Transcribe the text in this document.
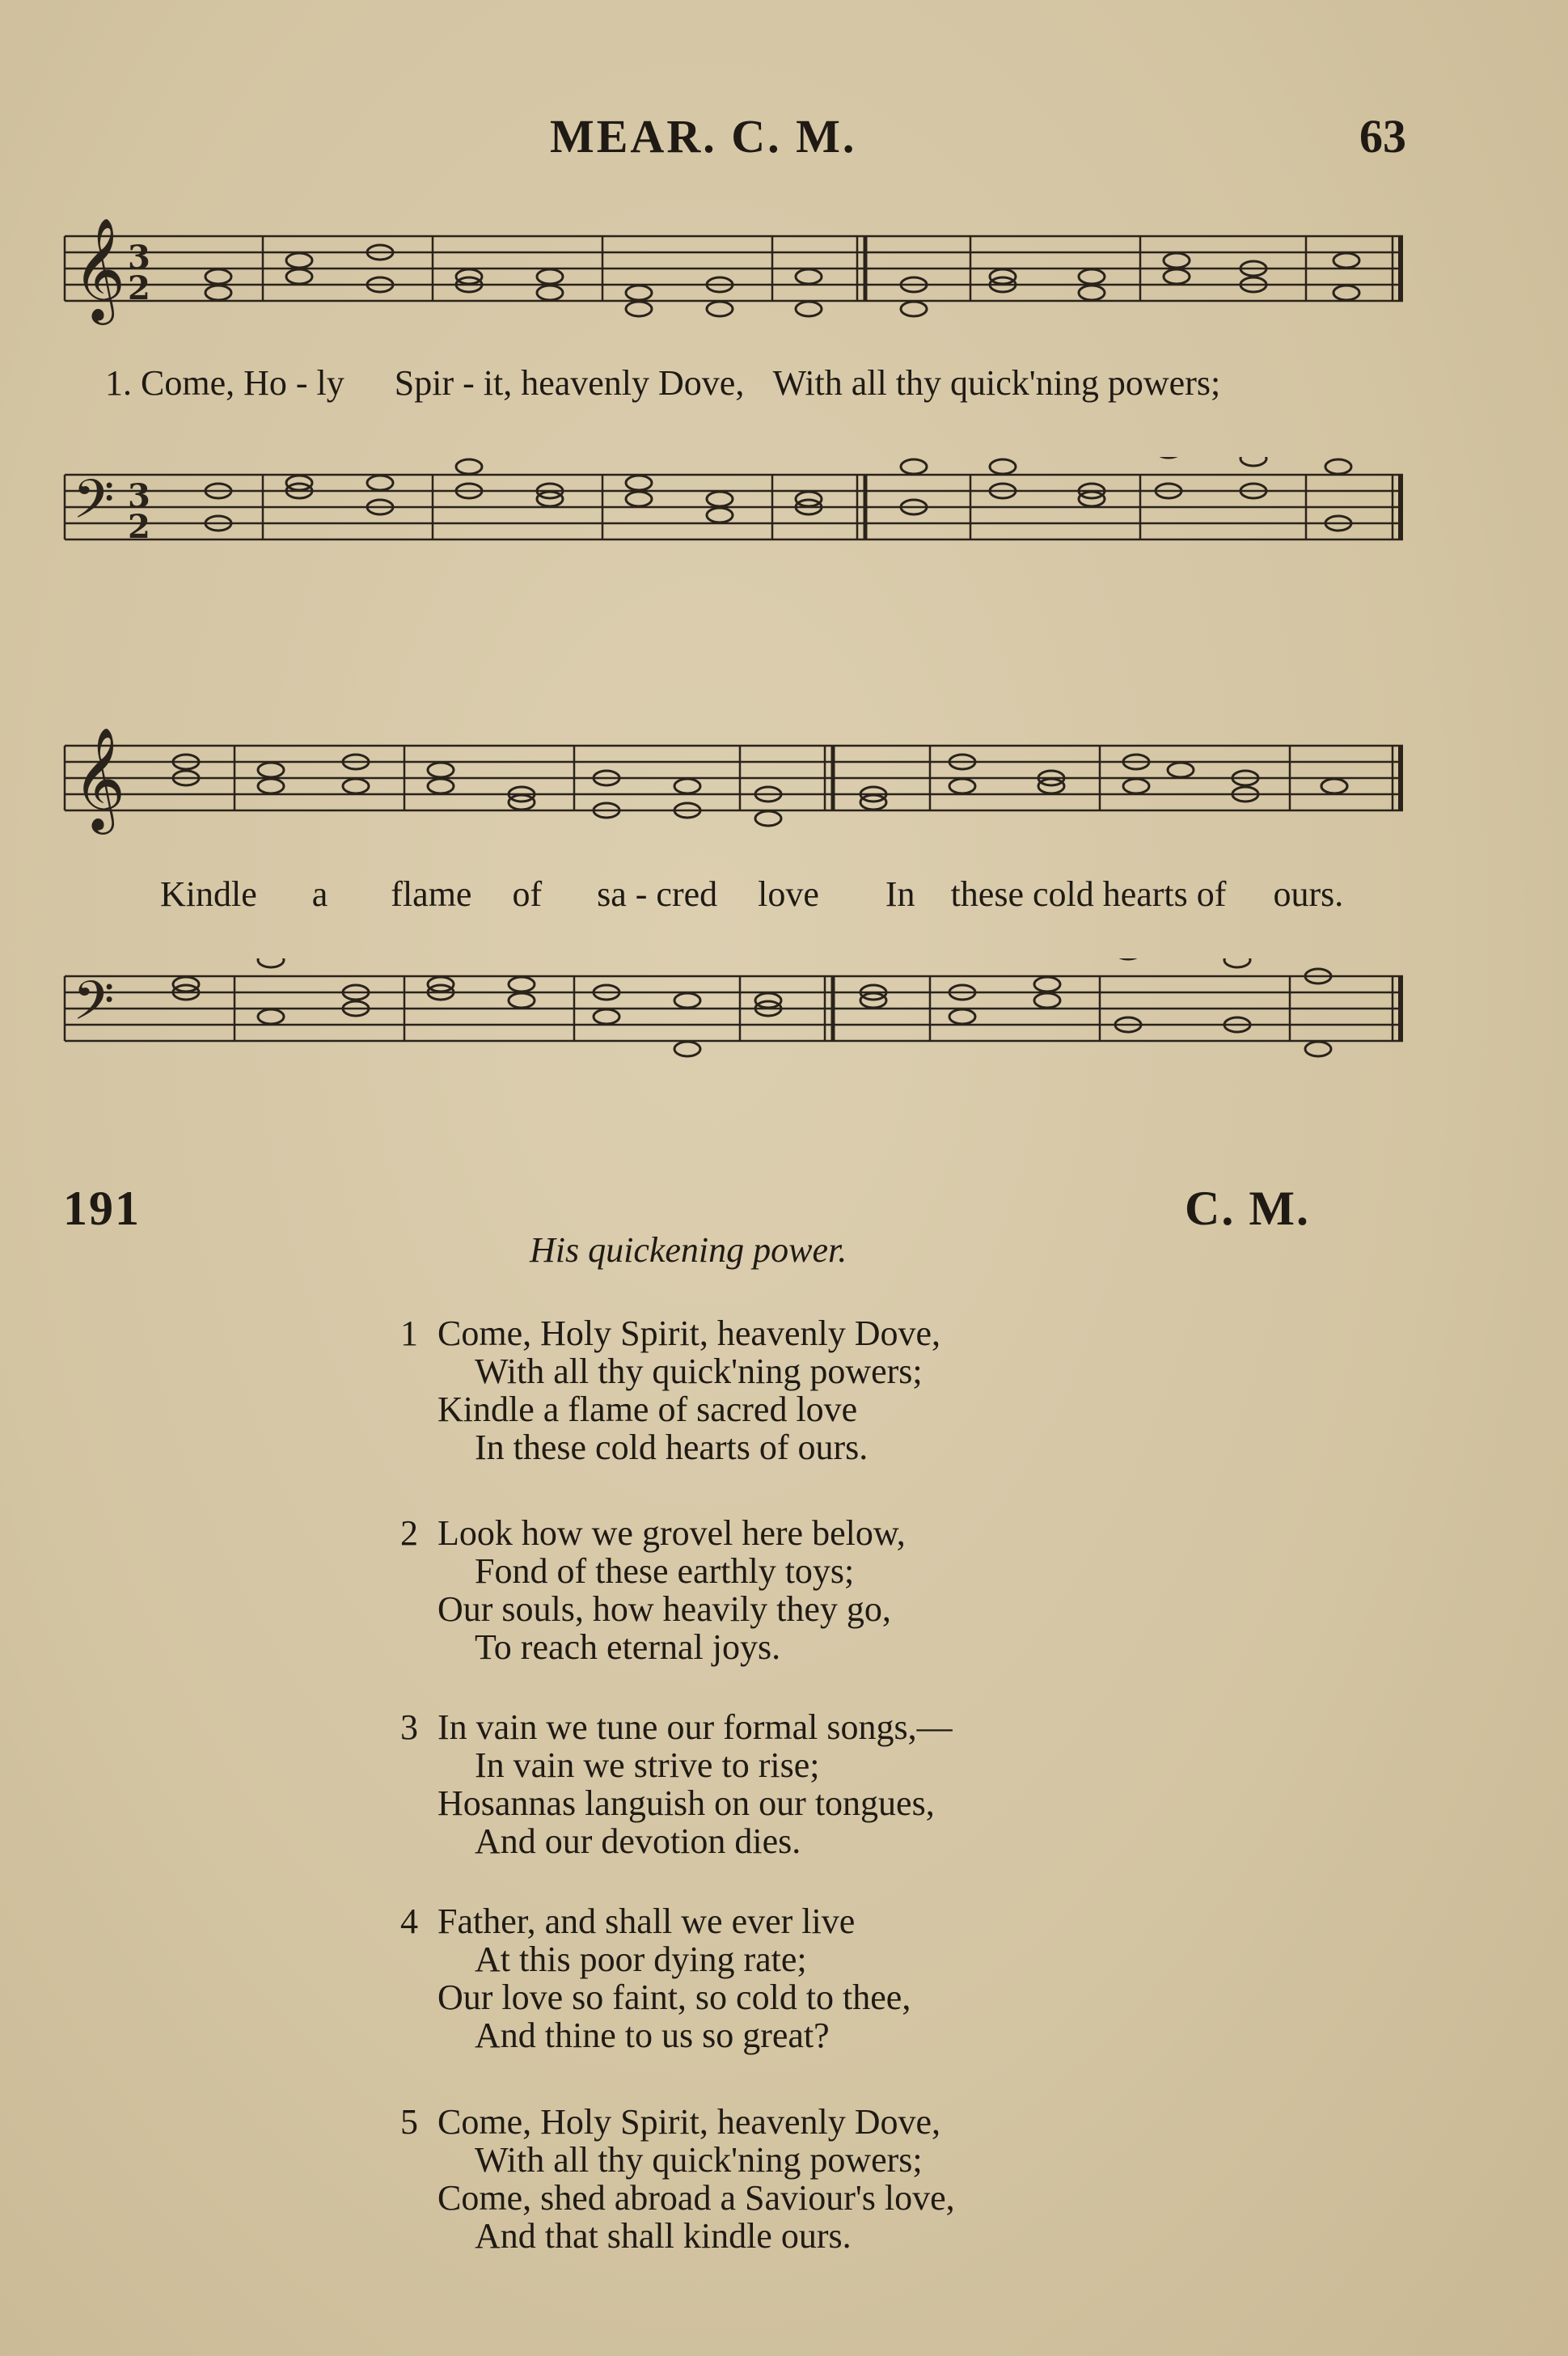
MEAR. C. M.	63
𝄞 3
2
1. Come, Ho - ly Spir - it, heavenly Dove, With all thy quick'ning powers;
𝄢 3
2
𝄞
Kindle a flame of sa - cred love In these cold hearts of ours.
𝄢
191	C. M.
His quickening power.
1 Come, Holy Spirit, heavenly Dove,
With all thy quick'ning powers;
Kindle a flame of sacred love
In these cold hearts of ours.
2 Look how we grovel here below,
Fond of these earthly toys;
Our souls, how heavily they go,
To reach eternal joys.
3 In vain we tune our formal songs,—
In vain we strive to rise;
Hosannas languish on our tongues,
And our devotion dies.
4 Father, and shall we ever live
At this poor dying rate;
Our love so faint, so cold to thee,
And thine to us so great?
5 Come, Holy Spirit, heavenly Dove,
With all thy quick'ning powers;
Come, shed abroad a Saviour's love,
And that shall kindle ours.
